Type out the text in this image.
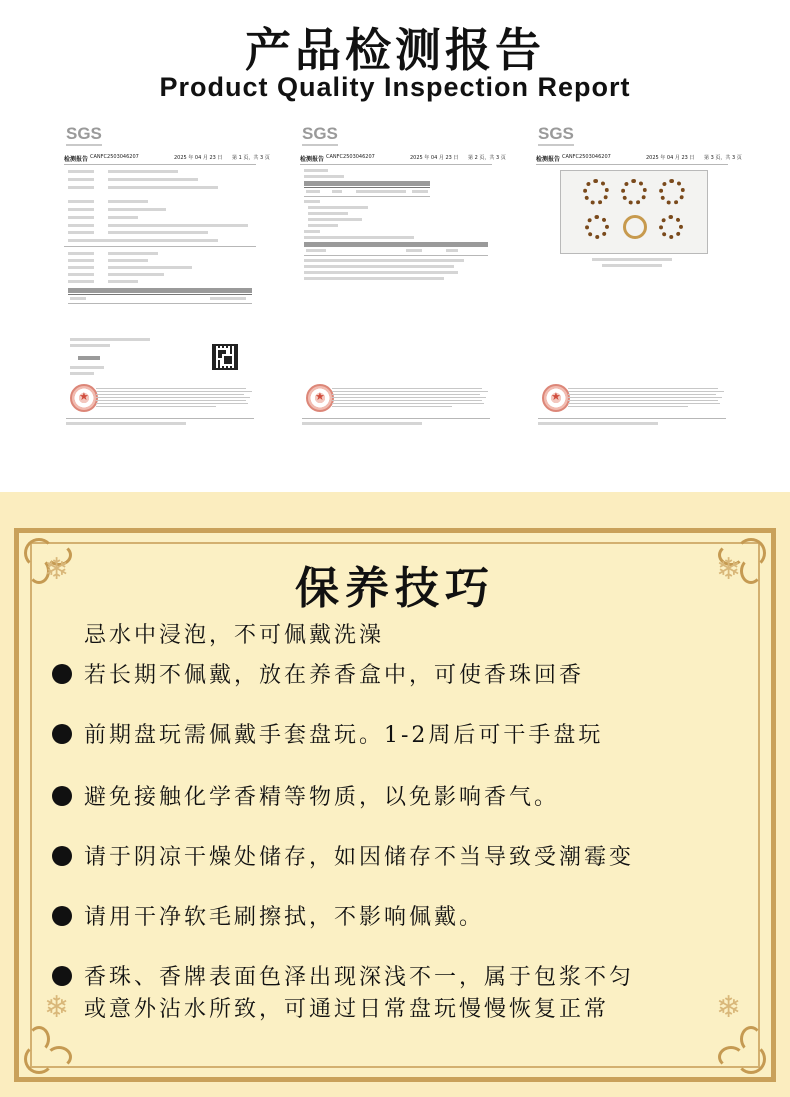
产品检测报告
Product Quality Inspection Report
SGS
检测报告 CANFC2503046207	2025 年 04 月 23 日 第 1 页，共 3 页
★
SGS
检测报告 CANFC2503046207	2025 年 04 月 23 日 第 2 页，共 3 页
★
SGS
检测报告 CANFC2503046207	2025 年 04 月 23 日 第 3 页，共 3 页
★
❄	❄
❄	❄
保养技巧
忌水中浸泡，不可佩戴洗澡
若长期不佩戴，放在养香盒中，可使香珠回香
前期盘玩需佩戴手套盘玩。1-2周后可干手盘玩
避免接触化学香精等物质，以免影响香气。
请于阴凉干燥处储存，如因储存不当导致受潮霉变
请用干净软毛刷擦拭，不影响佩戴。
香珠、香牌表面色泽出现深浅不一，属于包浆不匀
或意外沾水所致，可通过日常盘玩慢慢恢复正常
